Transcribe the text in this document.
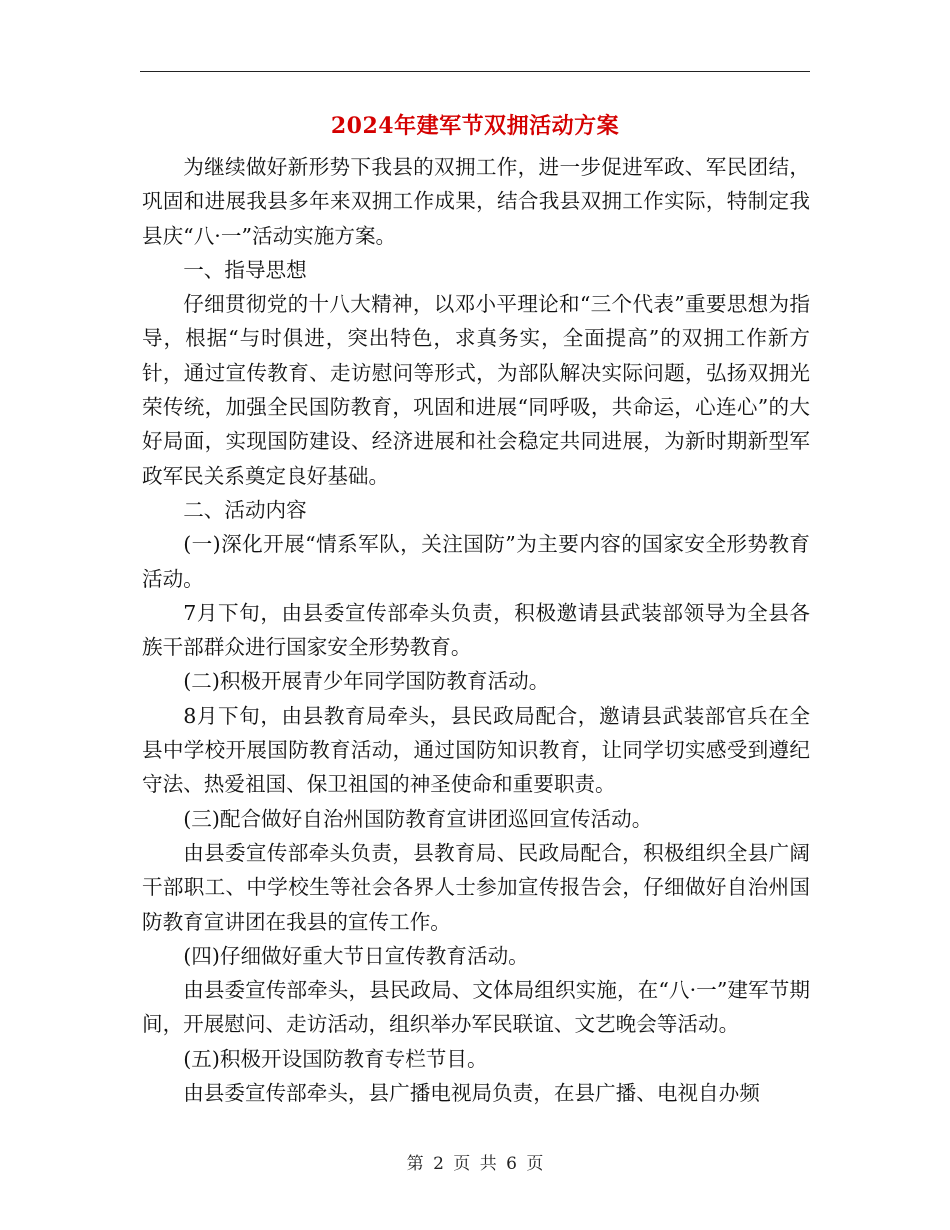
2024年建军节双拥活动方案

为继续做好新形势下我县的双拥工作，进一步促进军政、军民团结，巩固和进展我县多年来双拥工作成果，结合我县双拥工作实际，特制定我县庆“八·一”活动实施方案。

一、指导思想

仔细贯彻党的十八大精神，以邓小平理论和“三个代表”重要思想为指导，根据“与时俱进，突出特色，求真务实，全面提高”的双拥工作新方针，通过宣传教育、走访慰问等形式，为部队解决实际问题，弘扬双拥光荣传统，加强全民国防教育，巩固和进展“同呼吸，共命运，心连心”的大好局面，实现国防建设、经济进展和社会稳定共同进展，为新时期新型军政军民关系奠定良好基础。

二、活动内容

(一)深化开展“情系军队，关注国防”为主要内容的国家安全形势教育活动。

7月下旬，由县委宣传部牵头负责，积极邀请县武装部领导为全县各族干部群众进行国家安全形势教育。

(二)积极开展青少年同学国防教育活动。

8月下旬，由县教育局牵头，县民政局配合，邀请县武装部官兵在全县中学校开展国防教育活动，通过国防知识教育，让同学切实感受到遵纪守法、热爱祖国、保卫祖国的神圣使命和重要职责。

(三)配合做好自治州国防教育宣讲团巡回宣传活动。

由县委宣传部牵头负责，县教育局、民政局配合，积极组织全县广阔干部职工、中学校生等社会各界人士参加宣传报告会，仔细做好自治州国防教育宣讲团在我县的宣传工作。

(四)仔细做好重大节日宣传教育活动。

由县委宣传部牵头，县民政局、文体局组织实施，在“八·一”建军节期间，开展慰问、走访活动，组织举办军民联谊、文艺晚会等活动。

(五)积极开设国防教育专栏节目。

由县委宣传部牵头，县广播电视局负责，在县广播、电视自办频

第 2 页 共 6 页
